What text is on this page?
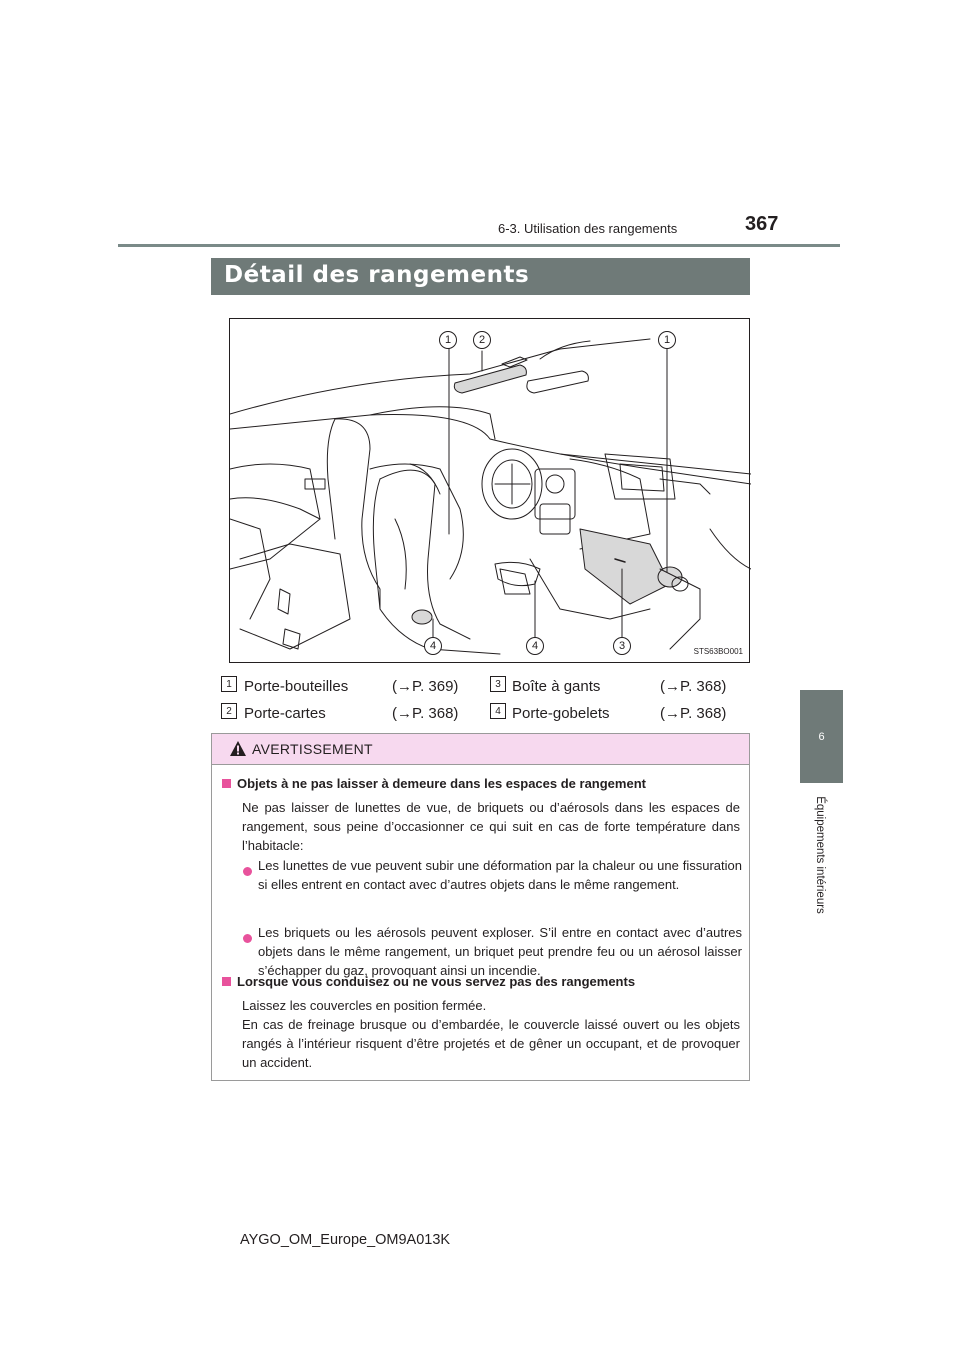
6-3. Utilisation des rangements	367
6
Équipements intérieurs
Détail des rangements
1	2	1
4	4	3	STS63BO001
1 Porte-bouteilles	(→P. 369)
2 Porte-cartes	(→P. 368)
3 Boîte à gants	(→P. 368)
4 Porte-gobelets	(→P. 368)
AVERTISSEMENT
Objets à ne pas laisser à demeure dans les espaces de rangement
Ne pas laisser de lunettes de vue, de briquets ou d’aérosols dans les espaces de rangement, sous peine d’occasionner ce qui suit en cas de forte température dans l’habitacle:
Les lunettes de vue peuvent subir une déformation par la chaleur ou une fissuration si elles entrent en contact avec d’autres objets dans le même rangement.
Les briquets ou les aérosols peuvent exploser. S’il entre en contact avec d’autres objets dans le même rangement, un briquet peut prendre feu ou un aérosol laisser s’échapper du gaz, provoquant ainsi un incendie.
Lorsque vous conduisez ou ne vous servez pas des rangements
Laissez les couvercles en position fermée.
En cas de freinage brusque ou d’embardée, le couvercle laissé ouvert ou les objets rangés à l’intérieur risquent d’être projetés et de gêner un occupant, et de provoquer un accident.
AYGO_OM_Europe_OM9A013K
